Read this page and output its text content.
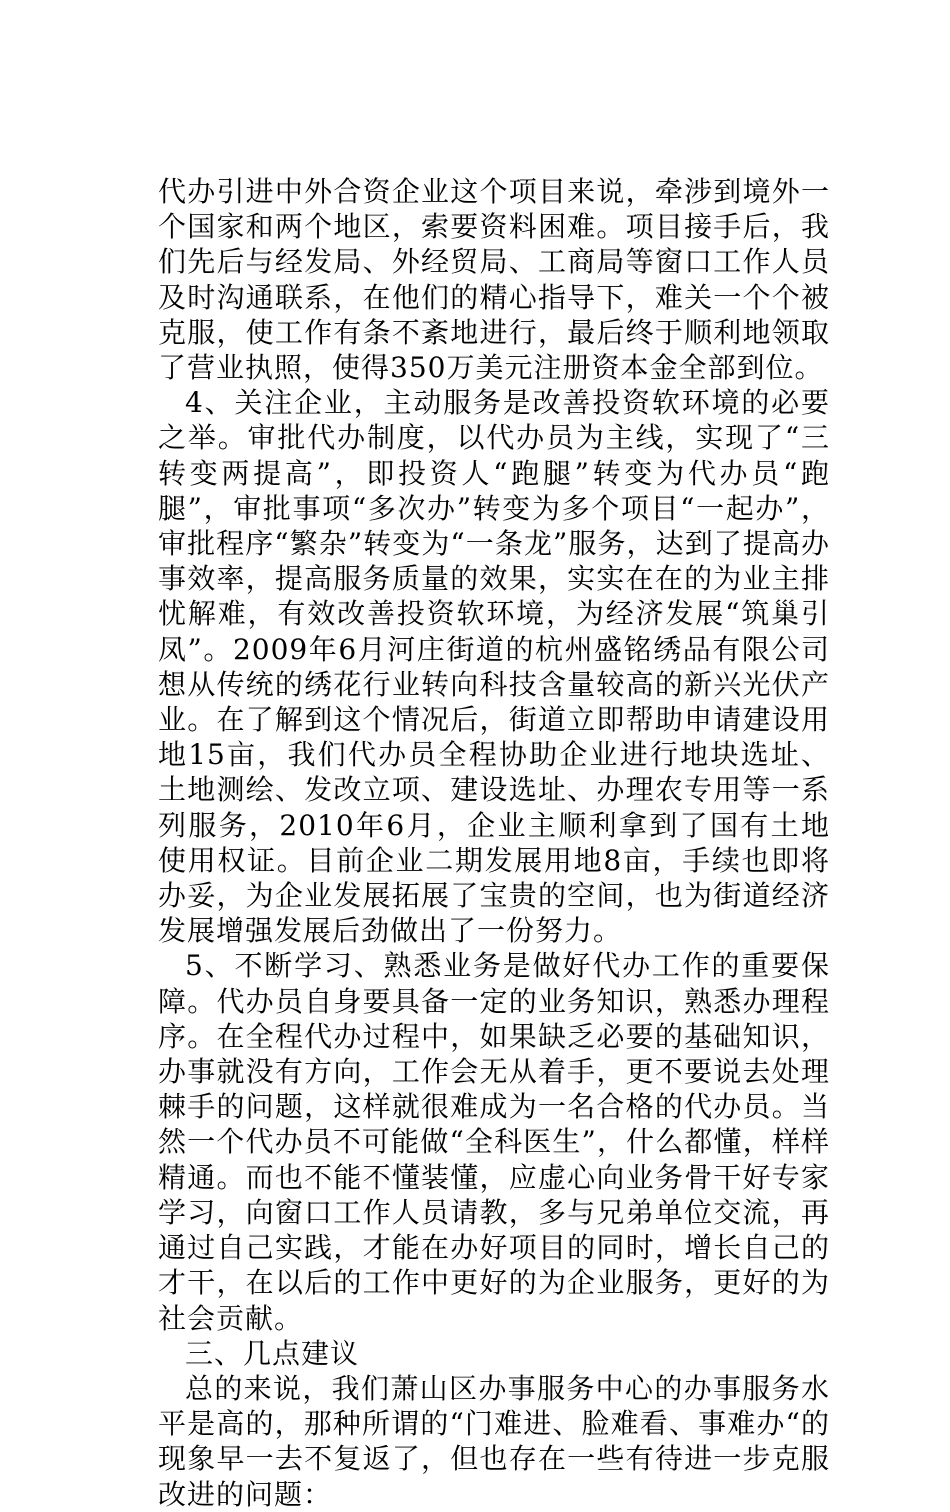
代办引进中外合资企业这个项目来说，牵涉到境外一个国家和两个地区，索要资料困难。项目接手后，我们先后与经发局、外经贸局、工商局等窗口工作人员及时沟通联系，在他们的精心指导下，难关一个个被克服，使工作有条不紊地进行，最后终于顺利地领取了营业执照，使得350万美元注册资本金全部到位。

4、关注企业，主动服务是改善投资软环境的必要之举。审批代办制度，以代办员为主线，实现了“三转变两提高”，即投资人“跑腿”转变为代办员“跑腿”，审批事项“多次办”转变为多个项目“一起办”，审批程序“繁杂”转变为“一条龙”服务，达到了提高办事效率，提高服务质量的效果，实实在在的为业主排忧解难，有效改善投资软环境，为经济发展“筑巢引凤”。2009年6月河庄街道的杭州盛铭绣品有限公司想从传统的绣花行业转向科技含量较高的新兴光伏产业。在了解到这个情况后，街道立即帮助申请建设用地15亩，我们代办员全程协助企业进行地块选址、土地测绘、发改立项、建设选址、办理农专用等一系列服务，2010年6月，企业主顺利拿到了国有土地使用权证。目前企业二期发展用地8亩，手续也即将办妥，为企业发展拓展了宝贵的空间，也为街道经济发展增强发展后劲做出了一份努力。

5、不断学习、熟悉业务是做好代办工作的重要保障。代办员自身要具备一定的业务知识，熟悉办理程序。在全程代办过程中，如果缺乏必要的基础知识，办事就没有方向，工作会无从着手，更不要说去处理棘手的问题，这样就很难成为一名合格的代办员。当然一个代办员不可能做“全科医生”，什么都懂，样样精通。而也不能不懂装懂，应虚心向业务骨干好专家学习，向窗口工作人员请教，多与兄弟单位交流，再通过自己实践，才能在办好项目的同时，增长自己的才干，在以后的工作中更好的为企业服务，更好的为社会贡献。

三、几点建议

总的来说，我们萧山区办事服务中心的办事服务水平是高的，那种所谓的“门难进、脸难看、事难办“的现象早一去不复返了，但也存在一些有待进一步克服改进的问题：
